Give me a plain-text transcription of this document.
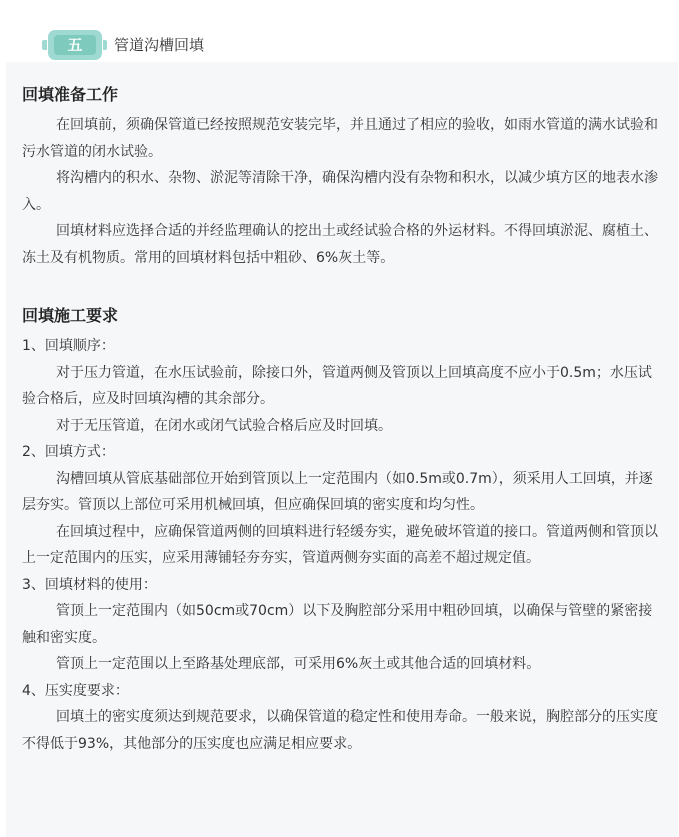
五	管道沟槽回填
回填准备工作

在回填前，须确保管道已经按照规范安装完毕，并且通过了相应的验收，如雨水管道的满水试验和污水管道的闭水试验。

将沟槽内的积水、杂物、淤泥等清除干净，确保沟槽内没有杂物和积水，以减少填方区的地表水渗入。

回填材料应选择合适的并经监理确认的挖出土或经试验合格的外运材料。不得回填淤泥、腐植土、冻土及有机物质。常用的回填材料包括中粗砂、6%灰土等。

回填施工要求

1、回填顺序：

对于压力管道，在水压试验前，除接口外，管道两侧及管顶以上回填高度不应小于0.5m；水压试验合格后，应及时回填沟槽的其余部分。

对于无压管道，在闭水或闭气试验合格后应及时回填。

2、回填方式：

沟槽回填从管底基础部位开始到管顶以上一定范围内（如0.5m或0.7m），须采用人工回填，并逐层夯实。管顶以上部位可采用机械回填，但应确保回填的密实度和均匀性。

在回填过程中，应确保管道两侧的回填料进行轻缓夯实，避免破坏管道的接口。管道两侧和管顶以上一定范围内的压实，应采用薄铺轻夯夯实，管道两侧夯实面的高差不超过规定值。

3、回填材料的使用：

管顶上一定范围内（如50cm或70cm）以下及胸腔部分采用中粗砂回填，以确保与管壁的紧密接触和密实度。

管顶上一定范围以上至路基处理底部，可采用6%灰土或其他合适的回填材料。

4、压实度要求：

回填土的密实度须达到规范要求，以确保管道的稳定性和使用寿命。一般来说，胸腔部分的压实度不得低于93%，其他部分的压实度也应满足相应要求。
